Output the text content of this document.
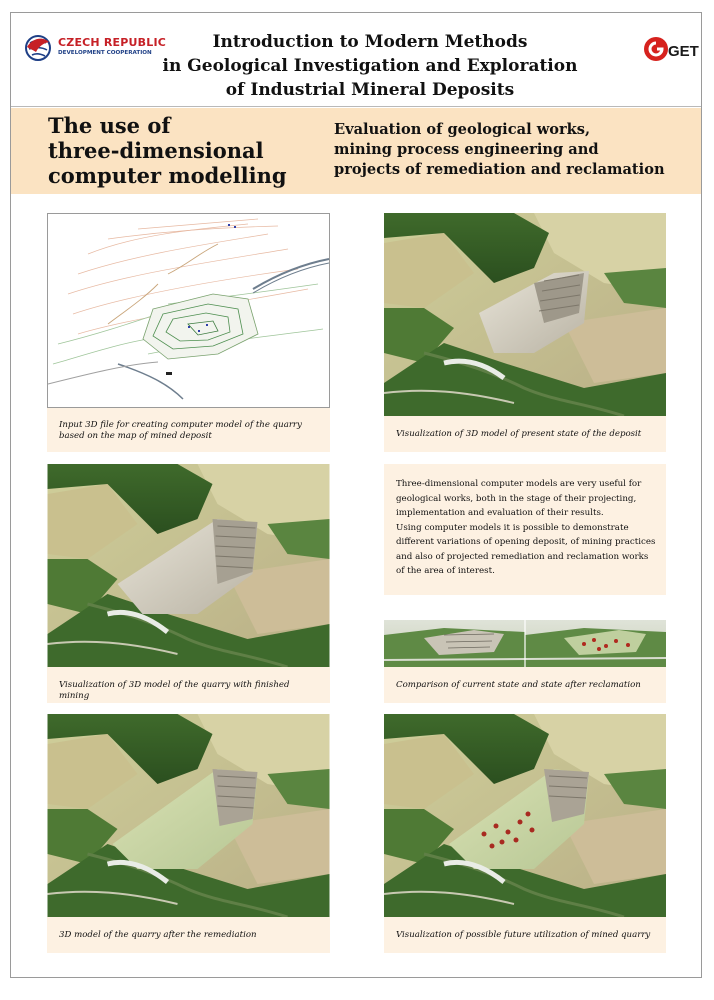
CZECH REPUBLIC
DEVELOPMENT COOPERATION
Introduction to Modern Methods
in Geological Investigation and Exploration
of Industrial Mineral Deposits
GET
The use of
three-dimensional
computer modelling
Evaluation of geological works,
mining process engineering and
projects of remediation and reclamation
Input 3D file for creating computer model of the quarry
based on the map of mined deposit	Visualization of 3D model of present state of the deposit
Visualization of 3D model of the quarry with finished mining
Three-dimensional computer models are very useful for
geological works, both in the stage of their projecting,
implementation and evaluation of their results.
Using computer models it is possible to demonstrate
different variations of opening deposit, of mining practices
and also of projected remediation and reclamation works
of the area of interest.
Comparison of current state and state after reclamation
3D model of the quarry after the remediation	Visualization of possible future utilization of mined quarry
